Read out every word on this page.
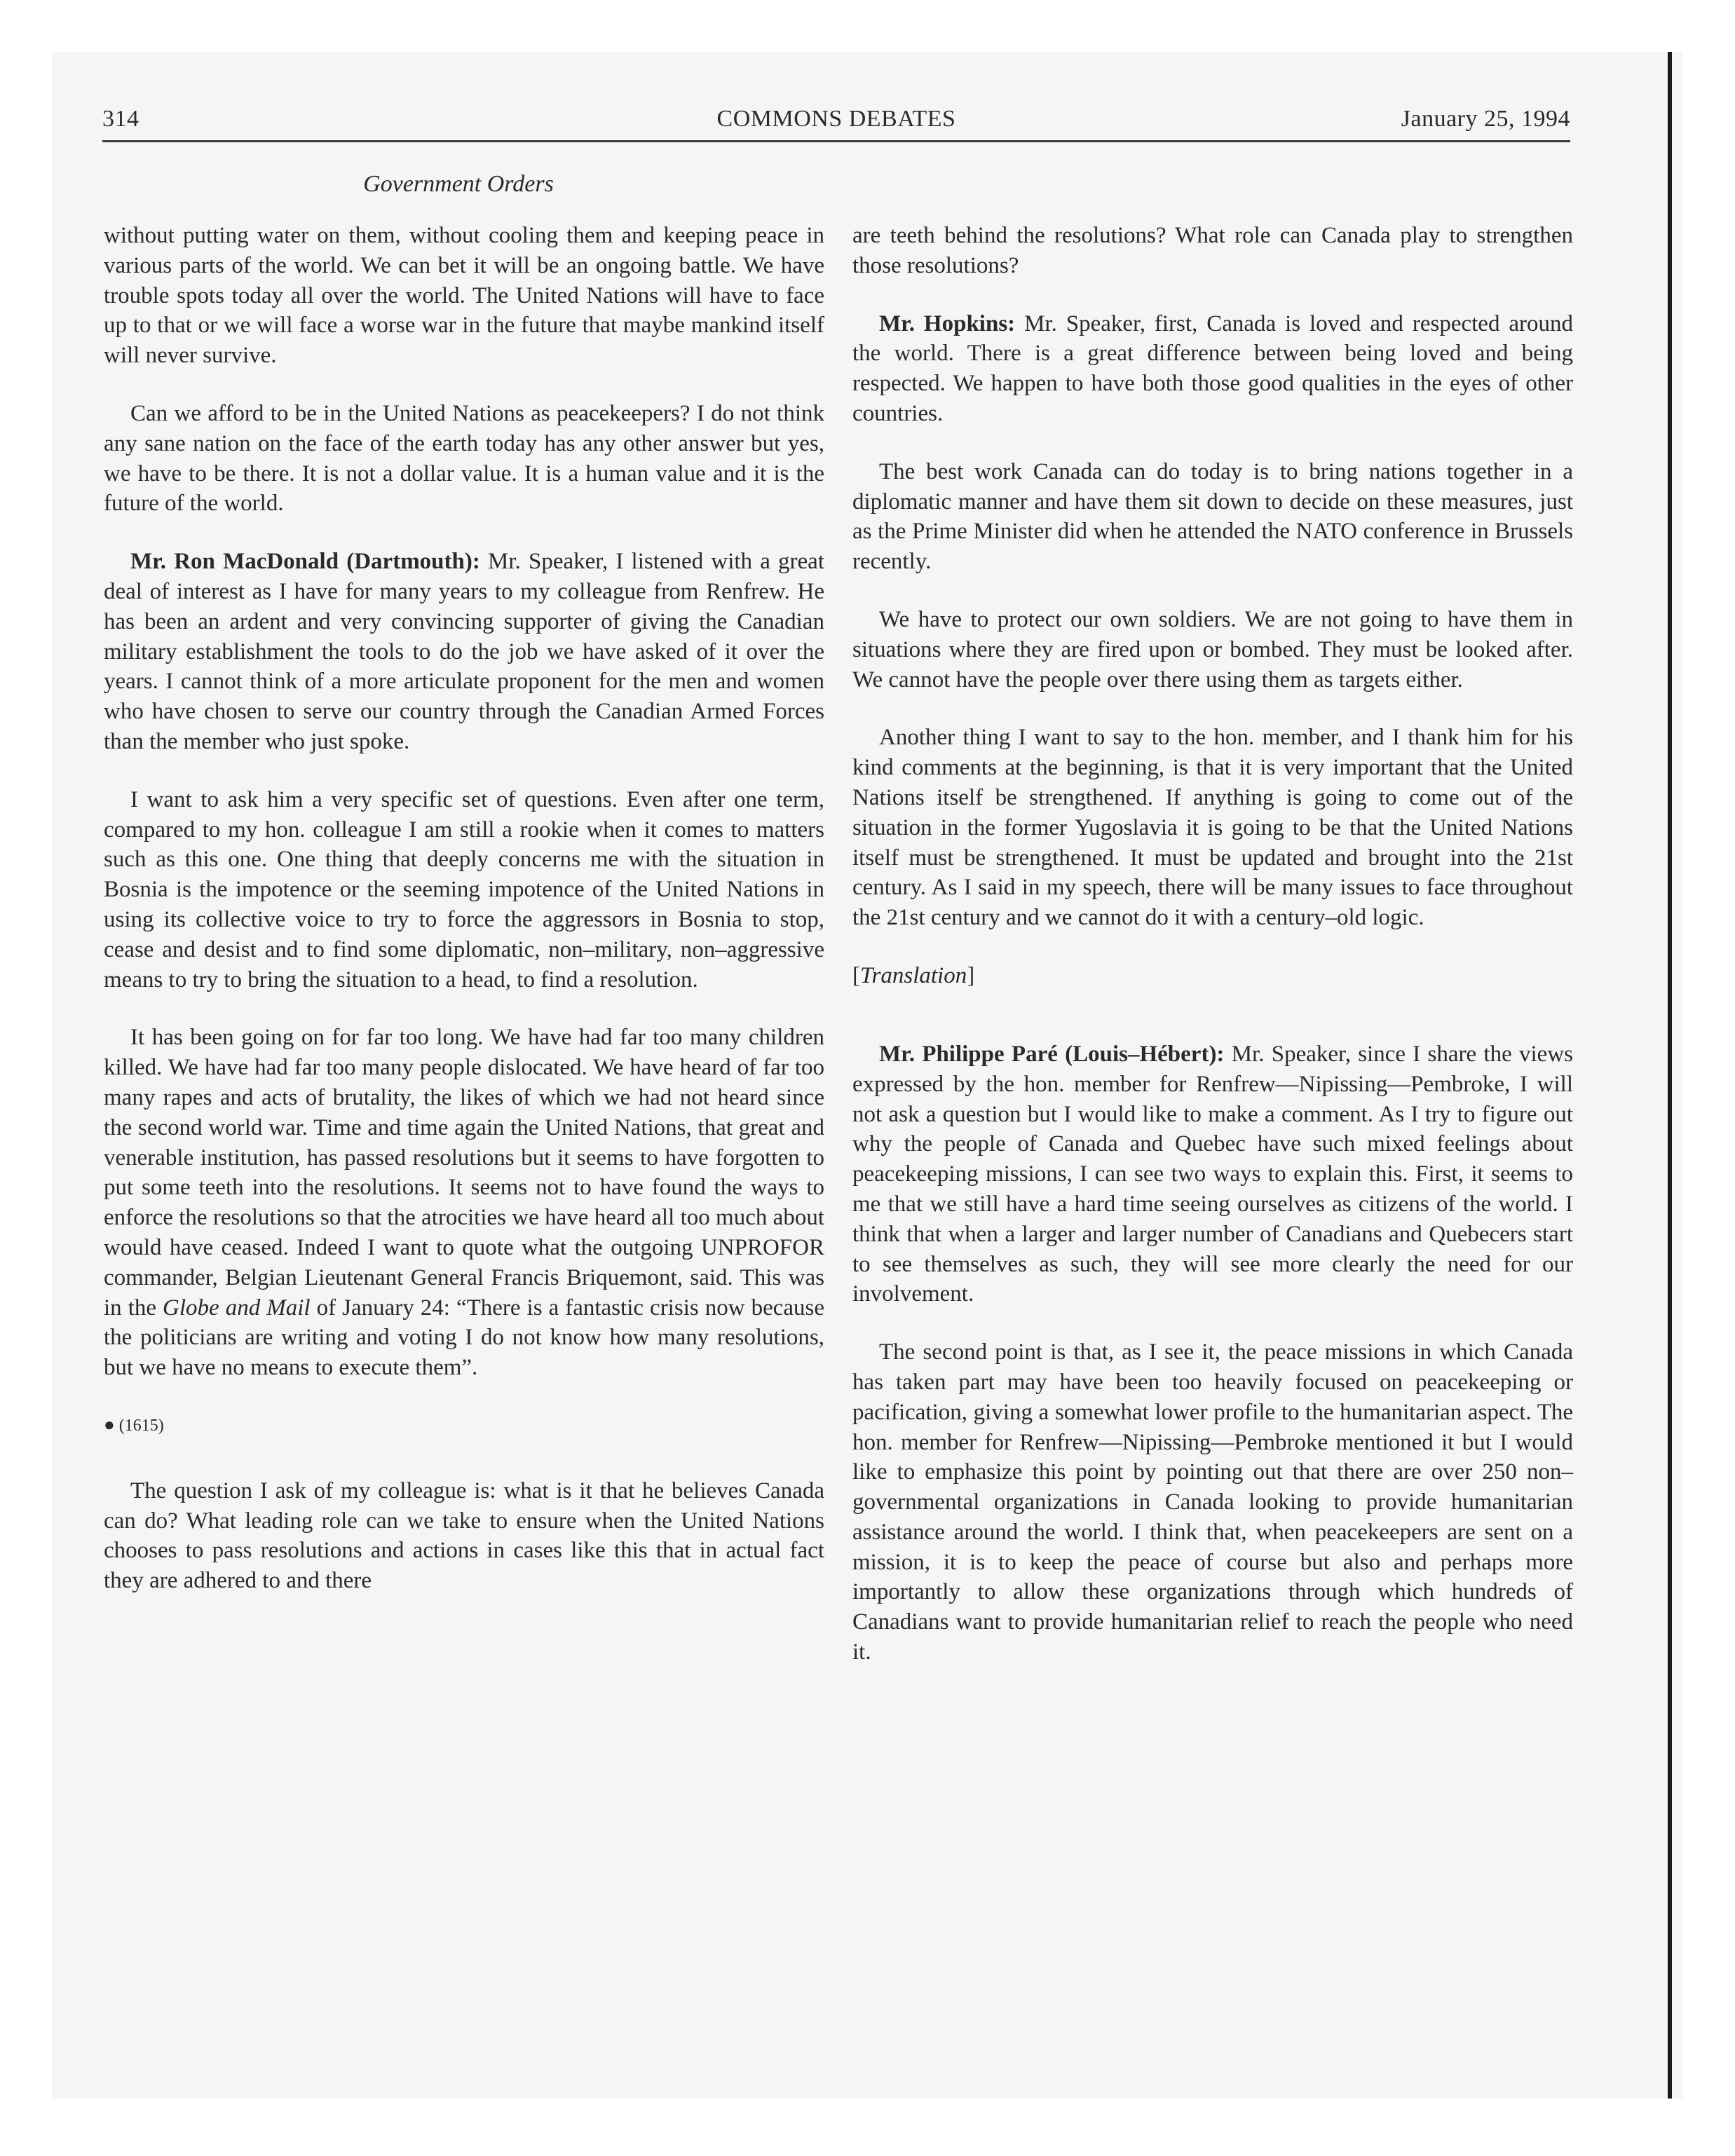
314	COMMONS DEBATES	January 25, 1994
Government Orders

without putting water on them, without cooling them and keeping peace in various parts of the world. We can bet it will be an ongoing battle. We have trouble spots today all over the world. The United Nations will have to face up to that or we will face a worse war in the future that maybe mankind itself will never survive.

Can we afford to be in the United Nations as peacekeepers? I do not think any sane nation on the face of the earth today has any other answer but yes, we have to be there. It is not a dollar value. It is a human value and it is the future of the world.

Mr. Ron MacDonald (Dartmouth): Mr. Speaker, I listened with a great deal of interest as I have for many years to my colleague from Renfrew. He has been an ardent and very convincing supporter of giving the Canadian military establishment the tools to do the job we have asked of it over the years. I cannot think of a more articulate proponent for the men and women who have chosen to serve our country through the Canadian Armed Forces than the member who just spoke.

I want to ask him a very specific set of questions. Even after one term, compared to my hon. colleague I am still a rookie when it comes to matters such as this one. One thing that deeply concerns me with the situation in Bosnia is the impotence or the seeming impotence of the United Nations in using its collective voice to try to force the aggressors in Bosnia to stop, cease and desist and to find some diplomatic, non–military, non–aggressive means to try to bring the situation to a head, to find a resolution.

It has been going on for far too long. We have had far too many children killed. We have had far too many people dislocated. We have heard of far too many rapes and acts of brutality, the likes of which we had not heard since the second world war. Time and time again the United Nations, that great and venerable institution, has passed resolutions but it seems to have forgotten to put some teeth into the resolutions. It seems not to have found the ways to enforce the resolutions so that the atrocities we have heard all too much about would have ceased. Indeed I want to quote what the outgoing UNPROFOR commander, Belgian Lieutenant General Francis Briquemont, said. This was in the Globe and Mail of January 24: “There is a fantastic crisis now because the politicians are writing and voting I do not know how many resolutions, but we have no means to execute them”.

● (1615)

The question I ask of my colleague is: what is it that he believes Canada can do? What leading role can we take to ensure when the United Nations chooses to pass resolutions and actions in cases like this that in actual fact they are adhered to and there

are teeth behind the resolutions? What role can Canada play to strengthen those resolutions?

Mr. Hopkins: Mr. Speaker, first, Canada is loved and respected around the world. There is a great difference between being loved and being respected. We happen to have both those good qualities in the eyes of other countries.

The best work Canada can do today is to bring nations together in a diplomatic manner and have them sit down to decide on these measures, just as the Prime Minister did when he attended the NATO conference in Brussels recently.

We have to protect our own soldiers. We are not going to have them in situations where they are fired upon or bombed. They must be looked after. We cannot have the people over there using them as targets either.

Another thing I want to say to the hon. member, and I thank him for his kind comments at the beginning, is that it is very important that the United Nations itself be strengthened. If anything is going to come out of the situation in the former Yugoslavia it is going to be that the United Nations itself must be strengthened. It must be updated and brought into the 21st century. As I said in my speech, there will be many issues to face throughout the 21st century and we cannot do it with a century–old logic.

[Translation]

Mr. Philippe Paré (Louis–Hébert): Mr. Speaker, since I share the views expressed by the hon. member for Renfrew—Nipissing—Pembroke, I will not ask a question but I would like to make a comment. As I try to figure out why the people of Canada and Quebec have such mixed feelings about peacekeeping missions, I can see two ways to explain this. First, it seems to me that we still have a hard time seeing ourselves as citizens of the world. I think that when a larger and larger number of Canadians and Quebecers start to see themselves as such, they will see more clearly the need for our involvement.

The second point is that, as I see it, the peace missions in which Canada has taken part may have been too heavily focused on peacekeeping or pacification, giving a somewhat lower profile to the humanitarian aspect. The hon. member for Renfrew—Nipissing—Pembroke mentioned it but I would like to emphasize this point by pointing out that there are over 250 non–governmental organizations in Canada looking to provide humanitarian assistance around the world. I think that, when peacekeepers are sent on a mission, it is to keep the peace of course but also and perhaps more importantly to allow these organizations through which hundreds of Canadians want to provide humanitarian relief to reach the people who need it.
